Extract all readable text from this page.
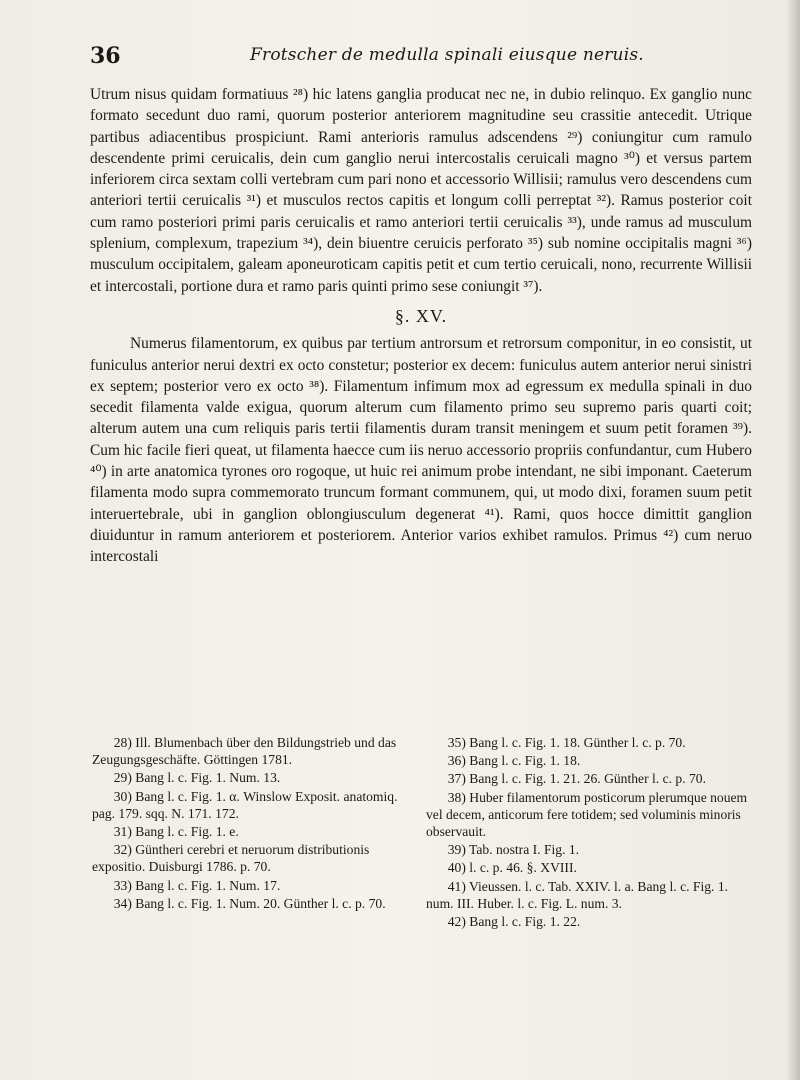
36	Frotscher de medulla spinali eiusque neruis.

Utrum nisus quidam formatiuus ²⁸) hic latens ganglia producat nec ne, in dubio relinquo. Ex ganglio nunc formato secedunt duo rami, quorum posterior anteriorem magnitudine seu crassitie antecedit. Utrique partibus adiacentibus prospiciunt. Rami anterioris ramulus adscendens ²⁹) coniungitur cum ramulo descendente primi ceruicalis, dein cum ganglio nerui intercostalis ceruicali magno ³⁰) et versus partem inferiorem circa sextam colli vertebram cum pari nono et accessorio Willisii; ramulus vero descendens cum anteriori tertii ceruicalis ³¹) et musculos rectos capitis et longum colli perreptat ³²). Ramus posterior coit cum ramo posteriori primi paris ceruicalis et ramo anteriori tertii ceruicalis ³³), unde ramus ad musculum splenium, complexum, trapezium ³⁴), dein biuentre ceruicis perforato ³⁵) sub nomine occipitalis magni ³⁶) musculum occipitalem, galeam aponeuroticam capitis petit et cum tertio ceruicali, nono, recurrente Willisii et intercostali, portione dura et ramo paris quinti primo sese coniungit ³⁷).

§. XV.

Numerus filamentorum, ex quibus par tertium antrorsum et retrorsum componitur, in eo consistit, ut funiculus anterior nerui dextri ex octo constetur; posterior ex decem: funiculus autem anterior nerui sinistri ex septem; posterior vero ex octo ³⁸). Filamentum infimum mox ad egressum ex medulla spinali in duo secedit filamenta valde exigua, quorum alterum cum filamento primo seu supremo paris quarti coit; alterum autem una cum reliquis paris tertii filamentis duram transit meningem et suum petit foramen ³⁹). Cum hic facile fieri queat, ut filamenta haecce cum iis neruo accessorio propriis confundantur, cum Hubero ⁴⁰) in arte anatomica tyrones oro rogoque, ut huic rei animum probe intendant, ne sibi imponant. Caeterum filamenta modo supra commemorato truncum formant communem, qui, ut modo dixi, foramen suum petit interuertebrale, ubi in ganglion oblongiusculum degenerat ⁴¹). Rami, quos hocce dimittit ganglion diuiduntur in ramum anteriorem et posteriorem. Anterior varios exhibet ramulos. Primus ⁴²) cum neruo intercostali

28) Ill. Blumenbach über den Bildungstrieb und das Zeugungsgeschäfte. Göttingen 1781.

29) Bang l. c. Fig. 1. Num. 13.

30) Bang l. c. Fig. 1. α. Winslow Exposit. anatomiq. pag. 179. sqq. N. 171. 172.

31) Bang l. c. Fig. 1. e.

32) Güntheri cerebri et neruorum distributionis expositio. Duisburgi 1786. p. 70.

33) Bang l. c. Fig. 1. Num. 17.

34) Bang l. c. Fig. 1. Num. 20. Günther l. c. p. 70.

35) Bang l. c. Fig. 1. 18. Günther l. c. p. 70.

36) Bang l. c. Fig. 1. 18.

37) Bang l. c. Fig. 1. 21. 26. Günther l. c. p. 70.

38) Huber filamentorum posticorum plerumque nouem vel decem, anticorum fere totidem; sed voluminis minoris observauit.

39) Tab. nostra I. Fig. 1.

40) l. c. p. 46. §. XVIII.

41) Vieussen. l. c. Tab. XXIV. l. a. Bang l. c. Fig. 1. num. III. Huber. l. c. Fig. L. num. 3.

42) Bang l. c. Fig. 1. 22.
